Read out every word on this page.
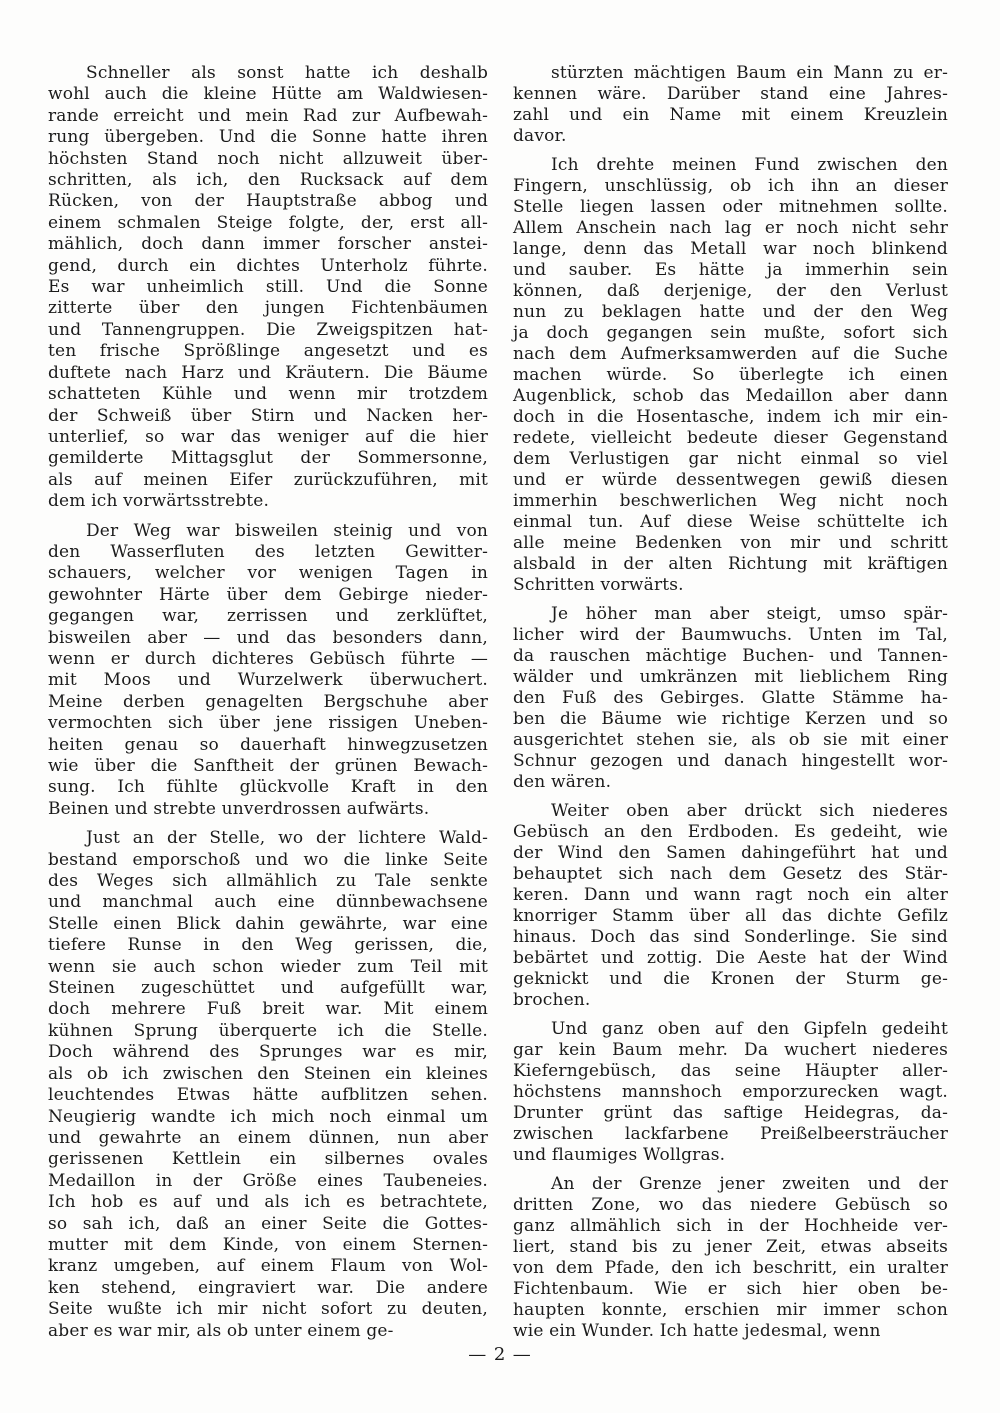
Schneller als sonst hatte ich deshalb
wohl auch die kleine Hütte am Waldwiesen-
rande erreicht und mein Rad zur Aufbewah-
rung übergeben. Und die Sonne hatte ihren
höchsten Stand noch nicht allzuweit über-
schritten, als ich, den Rucksack auf dem
Rücken, von der Hauptstraße abbog und
einem schmalen Steige folgte, der, erst all-
mählich, doch dann immer forscher anstei-
gend, durch ein dichtes Unterholz führte.
Es war unheimlich still. Und die Sonne
zitterte über den jungen Fichtenbäumen
und Tannengruppen. Die Zweigspitzen hat-
ten frische Sprößlinge angesetzt und es
duftete nach Harz und Kräutern. Die Bäume
schatteten Kühle und wenn mir trotzdem
der Schweiß über Stirn und Nacken her-
unterlief, so war das weniger auf die hier
gemilderte Mittagsglut der Sommersonne,
als auf meinen Eifer zurückzuführen, mit
dem ich vorwärtsstrebte.
Der Weg war bisweilen steinig und von
den Wasserfluten des letzten Gewitter-
schauers, welcher vor wenigen Tagen in
gewohnter Härte über dem Gebirge nieder-
gegangen war, zerrissen und zerklüftet,
bisweilen aber — und das besonders dann,
wenn er durch dichteres Gebüsch führte —
mit Moos und Wurzelwerk überwuchert.
Meine derben genagelten Bergschuhe aber
vermochten sich über jene rissigen Uneben-
heiten genau so dauerhaft hinwegzusetzen
wie über die Sanftheit der grünen Bewach-
sung. Ich fühlte glückvolle Kraft in den
Beinen und strebte unverdrossen aufwärts.
Just an der Stelle, wo der lichtere Wald-
bestand emporschoß und wo die linke Seite
des Weges sich allmählich zu Tale senkte
und manchmal auch eine dünnbewachsene
Stelle einen Blick dahin gewährte, war eine
tiefere Runse in den Weg gerissen, die,
wenn sie auch schon wieder zum Teil mit
Steinen zugeschüttet und aufgefüllt war,
doch mehrere Fuß breit war. Mit einem
kühnen Sprung überquerte ich die Stelle.
Doch während des Sprunges war es mir,
als ob ich zwischen den Steinen ein kleines
leuchtendes Etwas hätte aufblitzen sehen.
Neugierig wandte ich mich noch einmal um
und gewahrte an einem dünnen, nun aber
gerissenen Kettlein ein silbernes ovales
Medaillon in der Größe eines Taubeneies.
Ich hob es auf und als ich es betrachtete,
so sah ich, daß an einer Seite die Gottes-
mutter mit dem Kinde, von einem Sternen-
kranz umgeben, auf einem Flaum von Wol-
ken stehend, eingraviert war. Die andere
Seite wußte ich mir nicht sofort zu deuten,
aber es war mir, als ob unter einem ge-
stürzten mächtigen Baum ein Mann zu er-
kennen wäre. Darüber stand eine Jahres-
zahl und ein Name mit einem Kreuzlein
davor.
Ich drehte meinen Fund zwischen den
Fingern, unschlüssig, ob ich ihn an dieser
Stelle liegen lassen oder mitnehmen sollte.
Allem Anschein nach lag er noch nicht sehr
lange, denn das Metall war noch blinkend
und sauber. Es hätte ja immerhin sein
können, daß derjenige, der den Verlust
nun zu beklagen hatte und der den Weg
ja doch gegangen sein mußte, sofort sich
nach dem Aufmerksamwerden auf die Suche
machen würde. So überlegte ich einen
Augenblick, schob das Medaillon aber dann
doch in die Hosentasche, indem ich mir ein-
redete, vielleicht bedeute dieser Gegenstand
dem Verlustigen gar nicht einmal so viel
und er würde dessentwegen gewiß diesen
immerhin beschwerlichen Weg nicht noch
einmal tun. Auf diese Weise schüttelte ich
alle meine Bedenken von mir und schritt
alsbald in der alten Richtung mit kräftigen
Schritten vorwärts.
Je höher man aber steigt, umso spär-
licher wird der Baumwuchs. Unten im Tal,
da rauschen mächtige Buchen- und Tannen-
wälder und umkränzen mit lieblichem Ring
den Fuß des Gebirges. Glatte Stämme ha-
ben die Bäume wie richtige Kerzen und so
ausgerichtet stehen sie, als ob sie mit einer
Schnur gezogen und danach hingestellt wor-
den wären.
Weiter oben aber drückt sich niederes
Gebüsch an den Erdboden. Es gedeiht, wie
der Wind den Samen dahingeführt hat und
behauptet sich nach dem Gesetz des Stär-
keren. Dann und wann ragt noch ein alter
knorriger Stamm über all das dichte Gefilz
hinaus. Doch das sind Sonderlinge. Sie sind
bebärtet und zottig. Die Aeste hat der Wind
geknickt und die Kronen der Sturm ge-
brochen.
Und ganz oben auf den Gipfeln gedeiht
gar kein Baum mehr. Da wuchert niederes
Kieferngebüsch, das seine Häupter aller-
höchstens mannshoch emporzurecken wagt.
Drunter grünt das saftige Heidegras, da-
zwischen lackfarbene Preißelbeersträucher
und flaumiges Wollgras.
An der Grenze jener zweiten und der
dritten Zone, wo das niedere Gebüsch so
ganz allmählich sich in der Hochheide ver-
liert, stand bis zu jener Zeit, etwas abseits
von dem Pfade, den ich beschritt, ein uralter
Fichtenbaum. Wie er sich hier oben be-
haupten konnte, erschien mir immer schon
wie ein Wunder. Ich hatte jedesmal, wenn
— 2 —
